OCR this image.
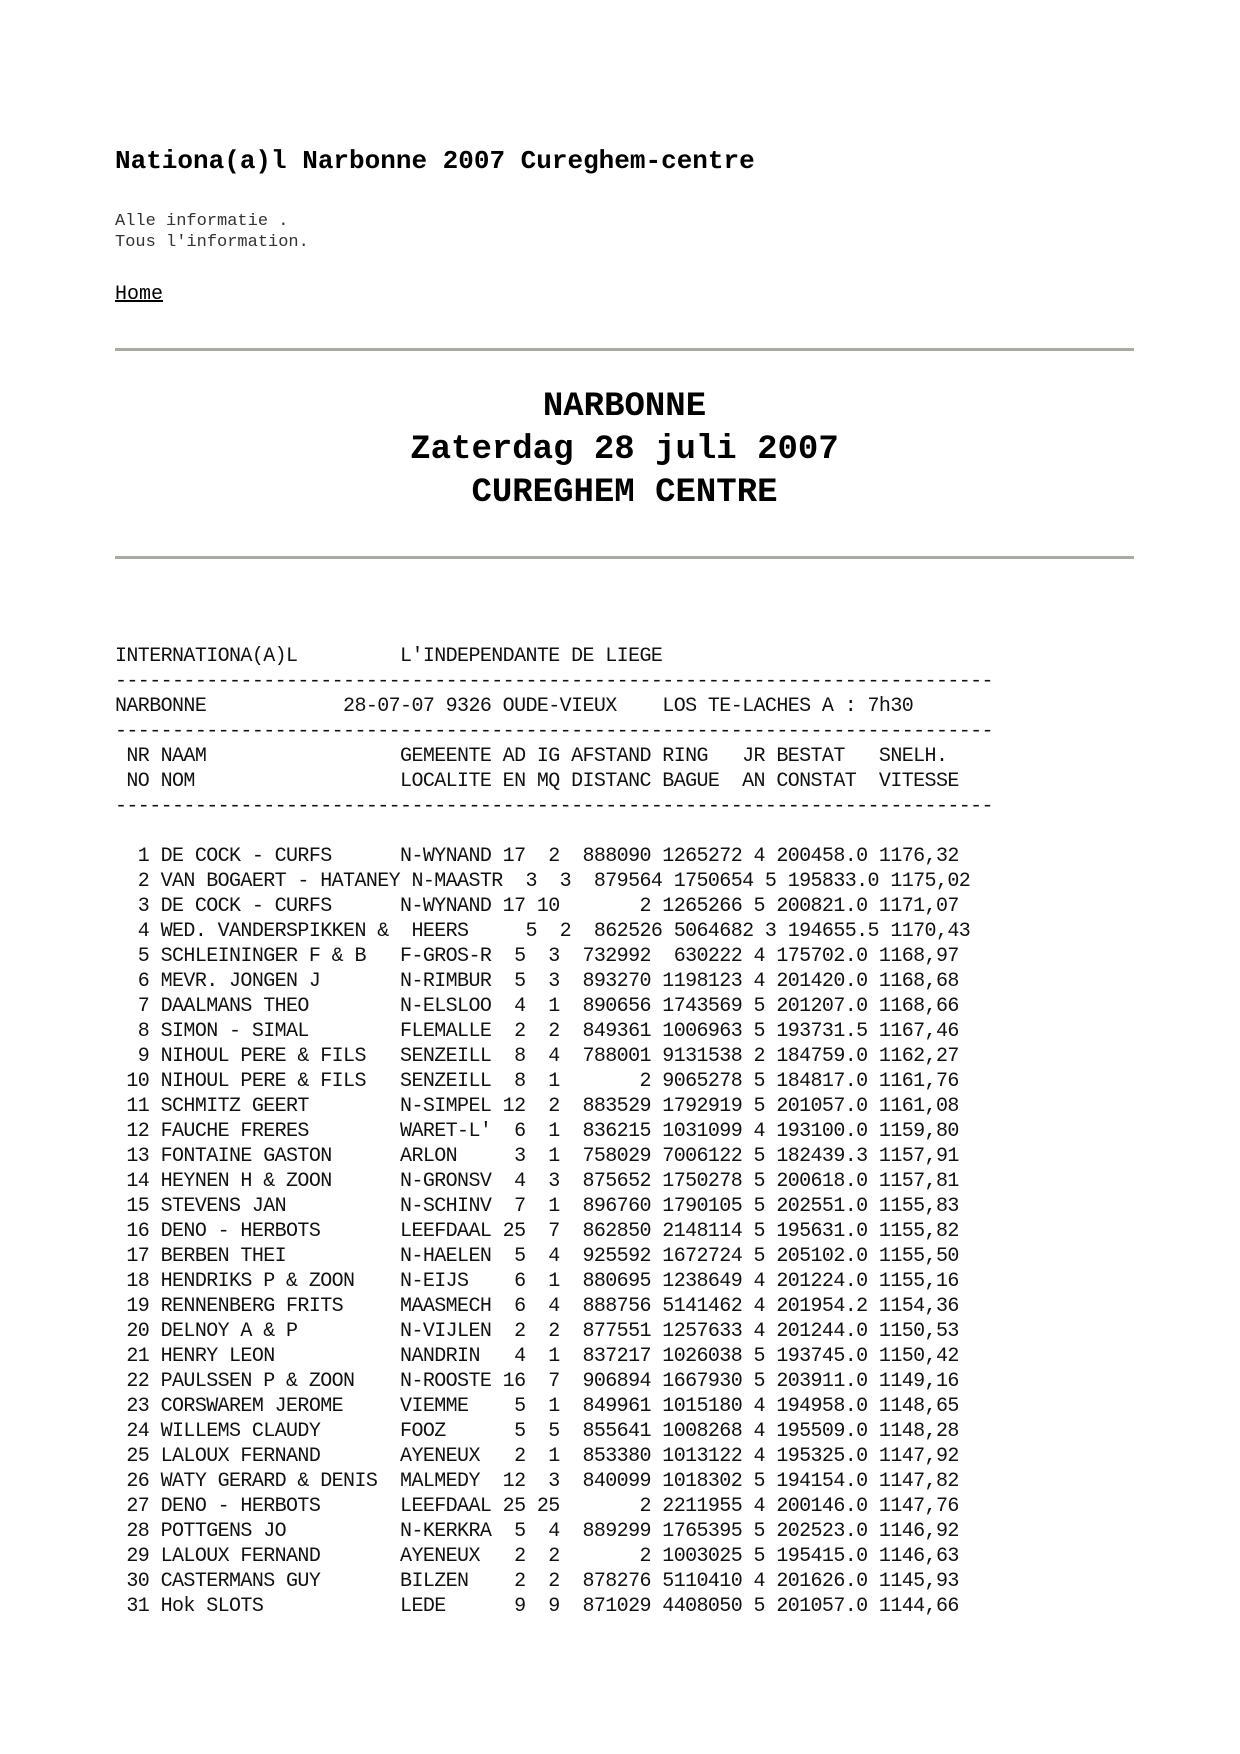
Nationa(a)l Narbonne 2007 Cureghem-centre
Alle informatie .
Tous l'information.
Home
NARBONNE
Zaterdag 28 juli 2007
CUREGHEM CENTRE
INTERNATIONA(A)L         L'INDEPENDANTE DE LIEGE
-----------------------------------------------------------------------------
NARBONNE            28-07-07 9326 OUDE-VIEUX    LOS TE-LACHES A : 7h30
-----------------------------------------------------------------------------
NR NAAM                 GEMEENTE AD IG AFSTAND RING   JR BESTAT   SNELH.
NO NOM                  LOCALITE EN MQ DISTANC BAGUE  AN CONSTAT  VITESSE
-----------------------------------------------------------------------------

1 DE COCK - CURFS      N-WYNAND 17  2  888090 1265272 4 200458.0 1176,32
2 VAN BOGAERT - HATANEY N-MAASTR  3  3  879564 1750654 5 195833.0 1175,02
3 DE COCK - CURFS      N-WYNAND 17 10       2 1265266 5 200821.0 1171,07
4 WED. VANDERSPIKKEN &  HEERS     5  2  862526 5064682 3 194655.5 1170,43
5 SCHLEININGER F & B   F-GROS-R  5  3  732992  630222 4 175702.0 1168,97
6 MEVR. JONGEN J       N-RIMBUR  5  3  893270 1198123 4 201420.0 1168,68
7 DAALMANS THEO        N-ELSLOO  4  1  890656 1743569 5 201207.0 1168,66
8 SIMON - SIMAL        FLEMALLE  2  2  849361 1006963 5 193731.5 1167,46
9 NIHOUL PERE & FILS   SENZEILL  8  4  788001 9131538 2 184759.0 1162,27
10 NIHOUL PERE & FILS   SENZEILL  8  1       2 9065278 5 184817.0 1161,76
11 SCHMITZ GEERT        N-SIMPEL 12  2  883529 1792919 5 201057.0 1161,08
12 FAUCHE FRERES        WARET-L'  6  1  836215 1031099 4 193100.0 1159,80
13 FONTAINE GASTON      ARLON     3  1  758029 7006122 5 182439.3 1157,91
14 HEYNEN H & ZOON      N-GRONSV  4  3  875652 1750278 5 200618.0 1157,81
15 STEVENS JAN          N-SCHINV  7  1  896760 1790105 5 202551.0 1155,83
16 DENO - HERBOTS       LEEFDAAL 25  7  862850 2148114 5 195631.0 1155,82
17 BERBEN THEI          N-HAELEN  5  4  925592 1672724 5 205102.0 1155,50
18 HENDRIKS P & ZOON    N-EIJS    6  1  880695 1238649 4 201224.0 1155,16
19 RENNENBERG FRITS     MAASMECH  6  4  888756 5141462 4 201954.2 1154,36
20 DELNOY A & P         N-VIJLEN  2  2  877551 1257633 4 201244.0 1150,53
21 HENRY LEON           NANDRIN   4  1  837217 1026038 5 193745.0 1150,42
22 PAULSSEN P & ZOON    N-ROOSTE 16  7  906894 1667930 5 203911.0 1149,16
23 CORSWAREM JEROME     VIEMME    5  1  849961 1015180 4 194958.0 1148,65
24 WILLEMS CLAUDY       FOOZ      5  5  855641 1008268 4 195509.0 1148,28
25 LALOUX FERNAND       AYENEUX   2  1  853380 1013122 4 195325.0 1147,92
26 WATY GERARD & DENIS  MALMEDY  12  3  840099 1018302 5 194154.0 1147,82
27 DENO - HERBOTS       LEEFDAAL 25 25       2 2211955 4 200146.0 1147,76
28 POTTGENS JO          N-KERKRA  5  4  889299 1765395 5 202523.0 1146,92
29 LALOUX FERNAND       AYENEUX   2  2       2 1003025 5 195415.0 1146,63
30 CASTERMANS GUY       BILZEN    2  2  878276 5110410 4 201626.0 1145,93
31 Hok SLOTS            LEDE      9  9  871029 4408050 5 201057.0 1144,66
